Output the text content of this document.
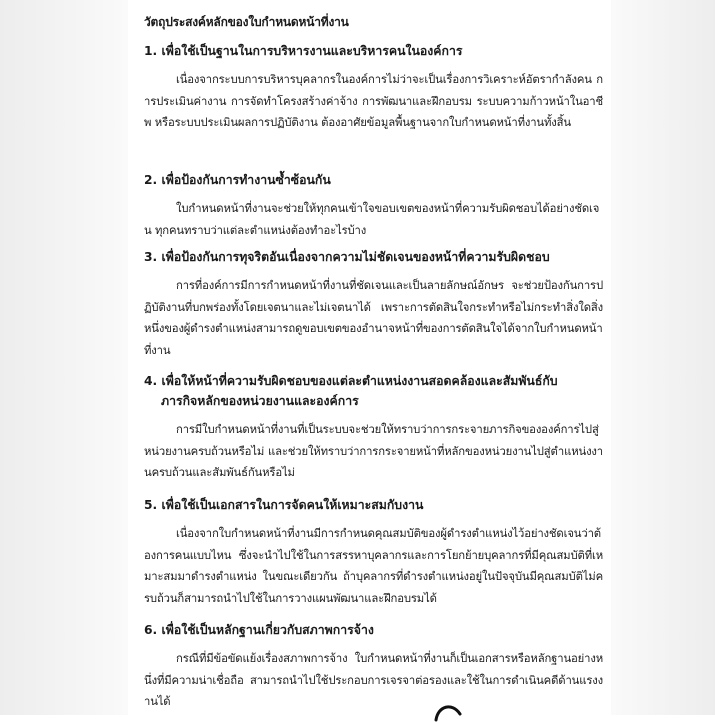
วัตถุประสงค์หลักของใบกำหนดหน้าที่งาน
1. เพื่อใช้เป็นฐานในการบริหารงานและบริหารคนในองค์การ

เนื่องจากระบบการบริหารบุคลากรในองค์การไม่ว่าจะเป็นเรื่องการวิเคราะห์อัตรากำลังคน การประเมินค่างาน การจัดทำโครงสร้างค่าจ้าง การพัฒนาและฝึกอบรม ระบบความก้าวหน้าในอาชีพ หรือระบบประเมินผลการปฏิบัติงาน ต้องอาศัยข้อมูลพื้นฐานจากใบกำหนดหน้าที่งานทั้งสิ้น

2. เพื่อป้องกันการทำงานซ้ำซ้อนกัน

ใบกำหนดหน้าที่งานจะช่วยให้ทุกคนเข้าใจขอบเขตของหน้าที่ความรับผิดชอบได้อย่างชัดเจน ทุกคนทราบว่าแต่ละตำแหน่งต้องทำอะไรบ้าง

3. เพื่อป้องกันการทุจริตอันเนื่องจากความไม่ชัดเจนของหน้าที่ความรับผิดชอบ

การที่องค์การมีการกำหนดหน้าที่งานที่ชัดเจนและเป็นลายลักษณ์อักษร จะช่วยป้องกันการปฏิบัติงานที่บกพร่องทั้งโดยเจตนาและไม่เจตนาได้ เพราะการตัดสินใจกระทำหรือไม่กระทำสิ่งใดสิ่งหนึ่งของผู้ดำรงตำแหน่งสามารถดูขอบเขตของอำนาจหน้าที่ของการตัดสินใจได้จากใบกำหนดหน้าที่งาน

4. เพื่อให้หน้าที่ความรับผิดชอบของแต่ละตำแหน่งงานสอดคล้องและสัมพันธ์กับ
ภารกิจหลักของหน่วยงานและองค์การ

การมีใบกำหนดหน้าที่งานที่เป็นระบบจะช่วยให้ทราบว่าการกระจายภารกิจขององค์การไปสู่หน่วยงานครบถ้วนหรือไม่ และช่วยให้ทราบว่าการกระจายหน้าที่หลักของหน่วยงานไปสู่ตำแหน่งงานครบถ้วนและสัมพันธ์กันหรือไม่

5. เพื่อใช้เป็นเอกสารในการจัดคนให้เหมาะสมกับงาน

เนื่องจากใบกำหนดหน้าที่งานมีการกำหนดคุณสมบัติของผู้ดำรงตำแหน่งไว้อย่างชัดเจนว่าต้องการคนแบบไหน ซึ่งจะนำไปใช้ในการสรรหาบุคลากรและการโยกย้ายบุคลากรที่มีคุณสมบัติที่เหมาะสมมาดำรงตำแหน่ง ในขณะเดียวกัน ถ้าบุคลากรที่ดำรงตำแหน่งอยู่ในปัจจุบันมีคุณสมบัติไม่ครบถ้วนก็สามารถนำไปใช้ในการวางแผนพัฒนาและฝึกอบรมได้

6. เพื่อใช้เป็นหลักฐานเกี่ยวกับสภาพการจ้าง

กรณีที่มีข้อขัดแย้งเรื่องสภาพการจ้าง ใบกำหนดหน้าที่งานก็เป็นเอกสารหรือหลักฐานอย่างหนึ่งที่มีความน่าเชื่อถือ สามารถนำไปใช้ประกอบการเจรจาต่อรองและใช้ในการดำเนินคดีด้านแรงงานได้
